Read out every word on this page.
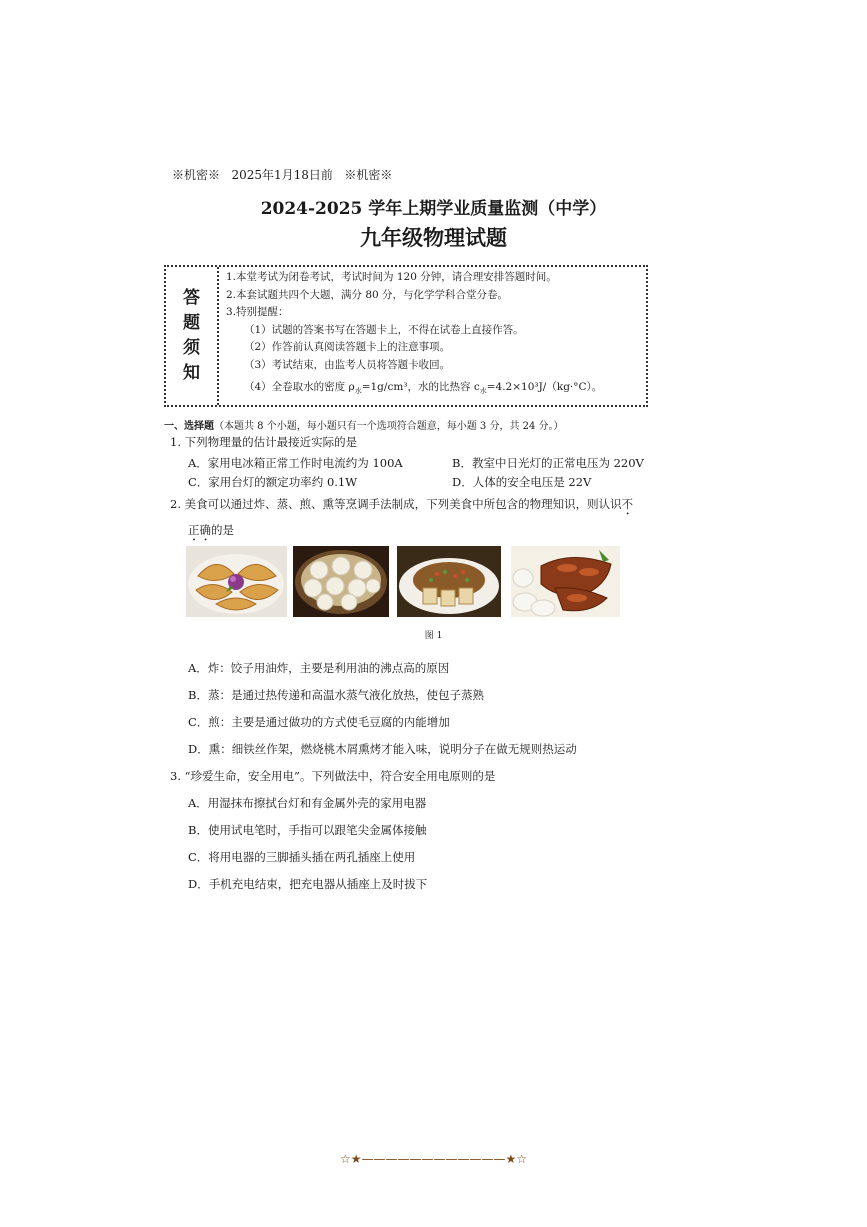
※机密※   2025年1月18日前   ※机密※
2024-2025 学年上期学业质量监测（中学）
九年级物理试题
答
题
须
知
1.本堂考试为闭卷考试，考试时间为 120 分钟，请合理安排答题时间。
2.本套试题共四个大题，满分 80 分，与化学学科合堂分卷。
3.特别提醒：
（1）试题的答案书写在答题卡上，不得在试卷上直接作答。
（2）作答前认真阅读答题卡上的注意事项。
（3）考试结束，由监考人员将答题卡收回。
（4）全卷取水的密度 $\rho_水=1g$/cm³，水的比热容 $c_水=4.2\times 10^3J/(kg\cdot^\circ C)$。
一、选择题（本题共 8 个小题，每小题只有一个选项符合题意，每小题 3 分，共 24 分。）
1. 下列物理量的估计最接近实际的是
A．家用电冰箱正常工作时电流约为 100A	B．教室中日光灯的正常电压为 220V
C．家用台灯的额定功率约 0.1W	D．人体的安全电压是 22V
2. 美食可以通过炸、蒸、煎、熏等烹调手法制成，下列美食中所包含的物理知识，则认识不
正确的是
图 1
A．炸：饺子用油炸，主要是利用油的沸点高的原因
B．蒸：是通过热传递和高温水蒸气液化放热，使包子蒸熟
C．煎：主要是通过做功的方式使毛豆腐的内能增加
D．熏：细铁丝作架，燃烧桃木屑熏烤才能入味，说明分子在做无规则热运动
3. “珍爱生命，安全用电”。下列做法中，符合安全用电原则的是
A．用湿抹布擦拭台灯和有金属外壳的家用电器
B．使用试电笔时，手指可以跟笔尖金属体接触
C．将用电器的三脚插头插在两孔插座上使用
D．手机充电结束，把充电器从插座上及时拔下
☆★————————————★☆
